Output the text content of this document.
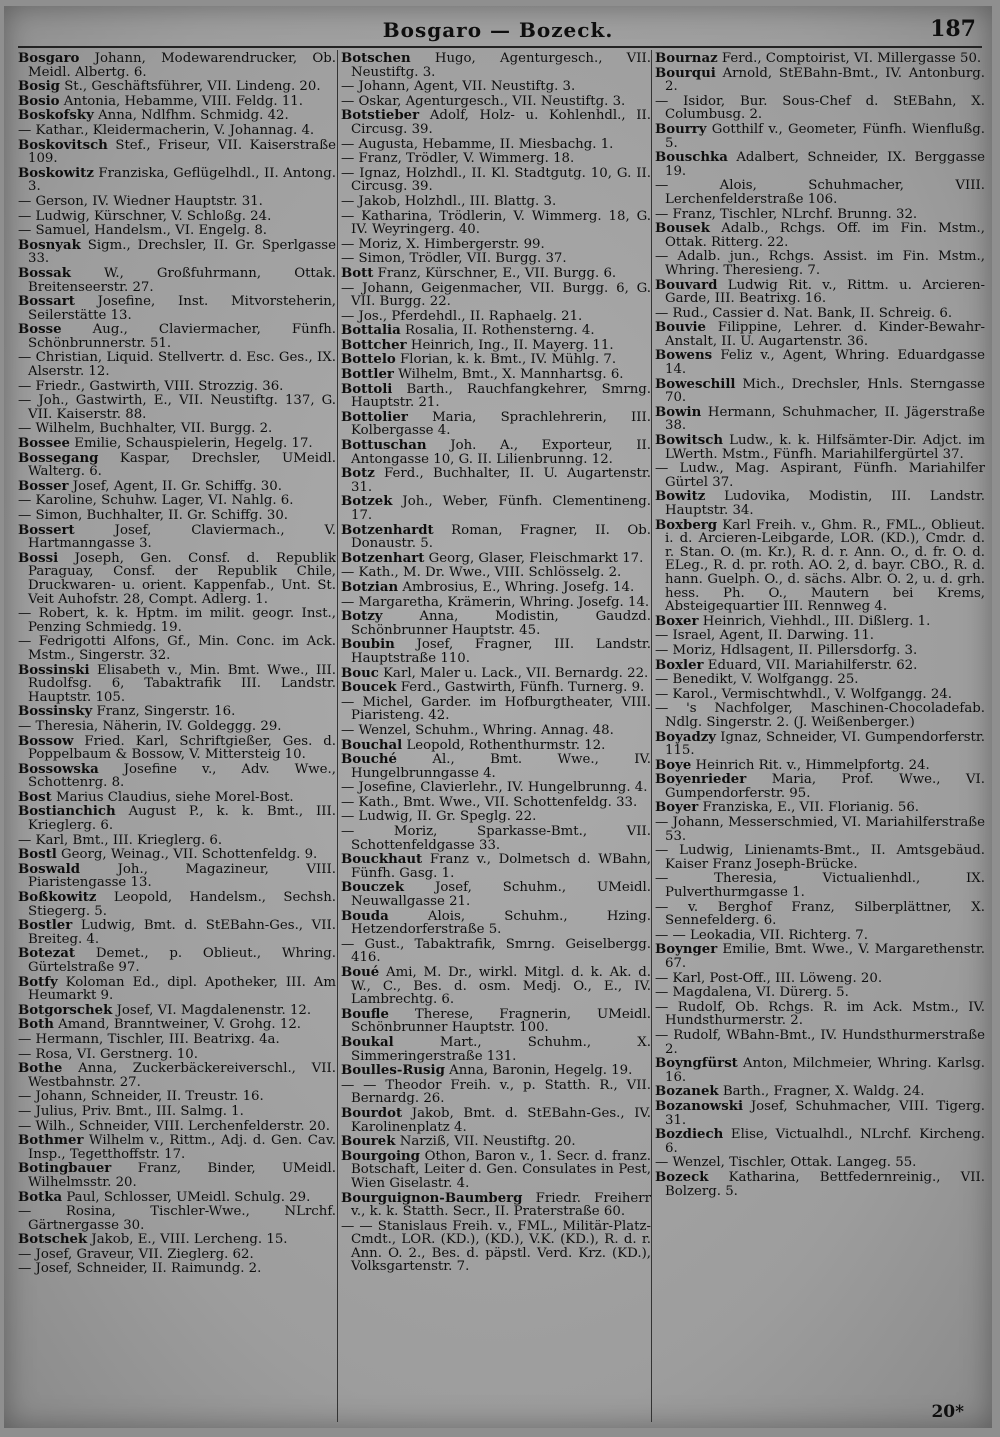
Bosgaro — Bozeck.	187
Bosgaro Johann, Modewarendrucker, Ob. Meidl. Albertg. 6.
Bosig St., Geschäftsführer, VII. Lindeng. 20.
Bosio Antonia, Hebamme, VIII. Feldg. 11.
Boskofsky Anna, Ndlfhm. Schmidg. 42.
— Kathar., Kleidermacherin, V. Johannag. 4.
Boskovitsch Stef., Friseur, VII. Kaiserstraße 109.
Boskowitz Franziska, Geflügelhdl., II. Antong. 3.
— Gerson, IV. Wiedner Hauptstr. 31.
— Ludwig, Kürschner, V. Schloßg. 24.
— Samuel, Handelsm., VI. Engelg. 8.
Bosnyak Sigm., Drechsler, II. Gr. Sperlgasse 33.
Bossak W., Großfuhrmann, Ottak. Breitenseerstr. 27.
Bossart Josefine, Inst. Mitvorsteherin, Seilerstätte 13.
Bosse Aug., Claviermacher, Fünfh. Schönbrunnerstr. 51.
— Christian, Liquid. Stellvertr. d. Esc. Ges., IX. Alserstr. 12.
— Friedr., Gastwirth, VIII. Strozzig. 36.
— Joh., Gastwirth, E., VII. Neustiftg. 137, G. VII. Kaiserstr. 88.
— Wilhelm, Buchhalter, VII. Burgg. 2.
Bossee Emilie, Schauspielerin, Hegelg. 17.
Bossegang Kaspar, Drechsler, UMeidl. Walterg. 6.
Bosser Josef, Agent, II. Gr. Schiffg. 30.
— Karoline, Schuhw. Lager, VI. Nahlg. 6.
— Simon, Buchhalter, II. Gr. Schiffg. 30.
Bossert	Josef, Claviermach., V. Hartmanngasse 3.
Bossi Joseph, Gen. Consf. d. Republik Paraguay, Consf. der Republik Chile, Druckwaren- u. orient. Kappenfab., Unt. St. Veit Auhofstr. 28, Compt. Adlerg. 1.
— Robert, k. k. Hptm. im milit. geogr. Inst., Penzing Schmiedg. 19.
— Fedrigotti Alfons, Gf., Min. Conc. im Ack. Mstm., Singerstr. 32.
Bossinski Elisabeth v., Min. Bmt. Wwe., III. Rudolfsg. 6, Tabaktrafik III. Landstr. Hauptstr. 105.
Bossinsky Franz, Singerstr. 16.
— Theresia, Näherin, IV. Goldeggg. 29.
Bossow Fried. Karl, Schriftgießer, Ges. d. Poppelbaum & Bossow, V. Mittersteig 10.
Bossowska Josefine v., Adv. Wwe., Schottenrg. 8.
Bost Marius Claudius, siehe Morel-Bost.
Bostianchich August P., k. k. Bmt., III. Krieglerg. 6.
— Karl, Bmt., III. Krieglerg. 6.
Bostl Georg, Weinag., VII. Schottenfeldg. 9.
Boswald	Joh., Magazineur, VIII. Piaristengasse 13.
Boßkowitz Leopold, Handelsm., Sechsh. Stiegerg. 5.
Bostler Ludwig, Bmt. d. StEBahn-Ges., VII. Breiteg. 4.
Botezat Demet., p. Oblieut., Whring. Gürtelstraße 97.
Botfy Koloman Ed., dipl. Apotheker, III. Am Heumarkt 9.
Botgorschek Josef, VI. Magdalenenstr. 12.
Both Amand, Branntweiner, V. Grohg. 12.
— Hermann, Tischler, III. Beatrixg. 4a.
— Rosa, VI. Gerstnerg. 10.
Bothe Anna, Zuckerbäckereiverschl., VII. Westbahnstr. 27.
— Johann, Schneider, II. Treustr. 16.
— Julius, Priv. Bmt., III. Salmg. 1.
— Wilh., Schneider, VIII. Lerchenfelderstr. 20.
Bothmer Wilhelm v., Rittm., Adj. d. Gen. Cav. Insp., Tegetthoffstr. 17.
Botingbauer Franz, Binder, UMeidl. Wilhelmsstr. 20.
Botka Paul, Schlosser, UMeidl. Schulg. 29.
— Rosina, Tischler-Wwe., NLrchf. Gärtnergasse 30.
Botschek Jakob, E., VIII. Lercheng. 15.
— Josef, Graveur, VII. Zieglerg. 62.
— Josef, Schneider, II. Raimundg. 2.
Botschen Hugo, Agenturgesch., VII. Neustiftg. 3.
— Johann, Agent, VII. Neustiftg. 3.
— Oskar, Agenturgesch., VII. Neustiftg. 3.
Botstieber Adolf, Holz- u. Kohlenhdl., II. Circusg. 39.
— Augusta, Hebamme, II. Miesbachg. 1.
— Franz, Trödler, V. Wimmerg. 18.
— Ignaz, Holzhdl., II. Kl. Stadtgutg. 10, G. II. Circusg. 39.
— Jakob, Holzhdl., III. Blattg. 3.
— Katharina, Trödlerin, V. Wimmerg. 18, G. IV. Weyringerg. 40.
— Moriz, X. Himbergerstr. 99.
— Simon, Trödler, VII. Burgg. 37.
Bott Franz, Kürschner, E., VII. Burgg. 6.
— Johann, Geigenmacher, VII. Burgg. 6, G. VII. Burgg. 22.
— Jos., Pferdehdl., II. Raphaelg. 21.
Bottalia Rosalia, II. Rothensterng. 4.
Bottcher Heinrich, Ing., II. Mayerg. 11.
Bottelo Florian, k. k. Bmt., IV. Mühlg. 7.
Bottler Wilhelm, Bmt., X. Mannhartsg. 6.
Bottoli Barth., Rauchfangkehrer, Smrng. Hauptstr. 21.
Bottolier Maria, Sprachlehrerin, III. Kolbergasse 4.
Bottuschan Joh. A., Exporteur, II. Antongasse 10, G. II. Lilienbrunng. 12.
Botz Ferd., Buchhalter, II. U. Augartenstr. 31.
Botzek Joh., Weber, Fünfh. Clementineng. 17.
Botzenhardt Roman, Fragner, II. Ob. Donaustr. 5.
Botzenhart Georg, Glaser, Fleischmarkt 17.
— Kath., M. Dr. Wwe., VIII. Schlösselg. 2.
Botzian Ambrosius, E., Whring. Josefg. 14.
— Margaretha, Krämerin, Whring. Josefg. 14.
Botzy	Anna, Modistin, Gaudzd. Schönbrunner Hauptstr. 45.
Boubin Josef, Fragner, III. Landstr. Hauptstraße 110.
Bouc Karl, Maler u. Lack., VII. Bernardg. 22.
Boucek Ferd., Gastwirth, Fünfh. Turnerg. 9.
— Michel, Garder. im Hofburgtheater, VIII. Piaristeng. 42.
— Wenzel, Schuhm., Whring. Annag. 48.
Bouchal Leopold, Rothenthurmstr. 12.
Bouché	Al., Bmt. Wwe., IV. Hungelbrunngasse 4.
— Josefine, Clavierlehr., IV. Hungelbrunng. 4.
— Kath., Bmt. Wwe., VII. Schottenfeldg. 33.
— Ludwig, II. Gr. Speglg. 22.
— Moriz, Sparkasse-Bmt., VII. Schottenfeldgasse 33.
Bouckhaut Franz v., Dolmetsch d. WBahn, Fünfh. Gasg. 1.
Bouczek Josef, Schuhm., UMeidl. Neuwallgasse 21.
Bouda	Alois, Schuhm., Hzing. Hetzendorferstraße 5.
— Gust., Tabaktrafik, Smrng. Geiselbergg. 416.
Boué Ami, M. Dr., wirkl. Mitgl. d. k. Ak. d. W., C., Bes. d. osm. Medj. O., E., IV. Lambrechtg. 6.
Boufle Therese, Fragnerin, UMeidl. Schönbrunner Hauptstr. 100.
Boukal	Mart., Schuhm., X. Simmeringerstraße 131.
Boulles-Rusig Anna, Baronin, Hegelg. 19.
— — Theodor Freih. v., p. Statth. R., VII. Bernardg. 26.
Bourdot Jakob, Bmt. d. StEBahn-Ges., IV. Karolinenplatz 4.
Bourek Narziß, VII. Neustiftg. 20.
Bourgoing Othon, Baron v., 1. Secr. d. franz. Botschaft, Leiter d. Gen. Consulates in Pest, Wien Giselastr. 4.
Bourguignon-Baumberg Friedr. Freiherr v., k. k. Statth. Secr., II. Praterstraße 60.
— — Stanislaus Freih. v., FML., Militär-Platz-Cmdt., LOR. (KD.), (KD.), V.K. (KD.), R. d. r. Ann. O. 2., Bes. d. päpstl. Verd. Krz. (KD.), Volksgartenstr. 7.
Bournaz Ferd., Comptoirist, VI. Millergasse 50.
Bourqui Arnold, StEBahn-Bmt., IV. Antonburg. 2.
— Isidor, Bur. Sous-Chef d. StEBahn, X. Columbusg. 2.
Bourry Gotthilf v., Geometer, Fünfh. Wienflußg. 5.
Bouschka Adalbert, Schneider, IX. Berggasse 19.
— Alois, Schuhmacher, VIII. Lerchenfelderstraße 106.
— Franz, Tischler, NLrchf. Brunng. 32.
Bousek Adalb., Rchgs. Off. im Fin. Mstm., Ottak. Ritterg. 22.
— Adalb. jun., Rchgs. Assist. im Fin. Mstm., Whring. Theresieng. 7.
Bouvard Ludwig Rit. v., Rittm. u. Arcieren-Garde, III. Beatrixg. 16.
— Rud., Cassier d. Nat. Bank, II. Schreig. 6.
Bouvie Filippine, Lehrer. d. Kinder-Bewahr-Anstalt, II. U. Augartenstr. 36.
Bowens Feliz v., Agent, Whring. Eduardgasse 14.
Boweschill Mich., Drechsler, Hnls. Sterngasse 70.
Bowin Hermann, Schuhmacher, II. Jägerstraße 38.
Bowitsch Ludw., k. k. Hilfsämter-Dir. Adjct. im LWerth. Mstm., Fünfh. Mariahilfergürtel 37.
— Ludw., Mag. Aspirant, Fünfh. Mariahilfer Gürtel 37.
Bowitz Ludovika, Modistin, III. Landstr. Hauptstr. 34.
Boxberg Karl Freih. v., Ghm. R., FML., Oblieut. i. d. Arcieren-Leibgarde, LOR. (KD.), Cmdr. d. r. Stan. O. (m. Kr.), R. d. r. Ann. O., d. fr. O. d. ELeg., R. d. pr. roth. AO. 2, d. bayr. CBO., R. d. hann. Guelph. O., d. sächs. Albr. O. 2, u. d. grh. hess. Ph. O., Mautern bei Krems, Absteigequartier III. Rennweg 4.
Boxer Heinrich, Viehhdl., III. Dißlerg. 1.
— Israel, Agent, II. Darwing. 11.
— Moriz, Hdlsagent, II. Pillersdorfg. 3.
Boxler Eduard, VII. Mariahilferstr. 62.
— Benedikt, V. Wolfgangg. 25.
— Karol., Vermischtwhdl., V. Wolfgangg. 24.
— 's Nachfolger, Maschinen-Chocoladefab. Ndlg. Singerstr. 2. (J. Weißenberger.)
Boyadzy Ignaz, Schneider, VI. Gumpendorferstr. 115.
Boye Heinrich Rit. v., Himmelpfortg. 24.
Boyenrieder Maria, Prof. Wwe., VI. Gumpendorferstr. 95.
Boyer Franziska, E., VII. Florianig. 56.
— Johann, Messerschmied, VI. Mariahilferstraße 53.
— Ludwig, Linienamts-Bmt., II. Amtsgebäud. Kaiser Franz Joseph-Brücke.
— Theresia, Victualienhdl., IX. Pulverthurmgasse 1.
— v. Berghof Franz, Silberplättner, X. Sennefelderg. 6.
— — Leokadia, VII. Richterg. 7.
Boynger Emilie, Bmt. Wwe., V. Margarethenstr. 67.
— Karl, Post-Off., III. Löweng. 20.
— Magdalena, VI. Dürerg. 5.
— Rudolf, Ob. Rchgs. R. im Ack. Mstm., IV. Hundsthurmerstr. 2.
— Rudolf, WBahn-Bmt., IV. Hundsthurmerstraße 2.
Boyngfürst Anton, Milchmeier, Whring. Karlsg. 16.
Bozanek Barth., Fragner, X. Waldg. 24.
Bozanowski Josef, Schuhmacher, VIII. Tigerg. 31.
Bozdiech Elise, Victualhdl., NLrchf. Kircheng. 6.
— Wenzel, Tischler, Ottak. Langeg. 55.
Bozeck Katharina, Bettfedernreinig., VII. Bolzerg. 5.
20*
